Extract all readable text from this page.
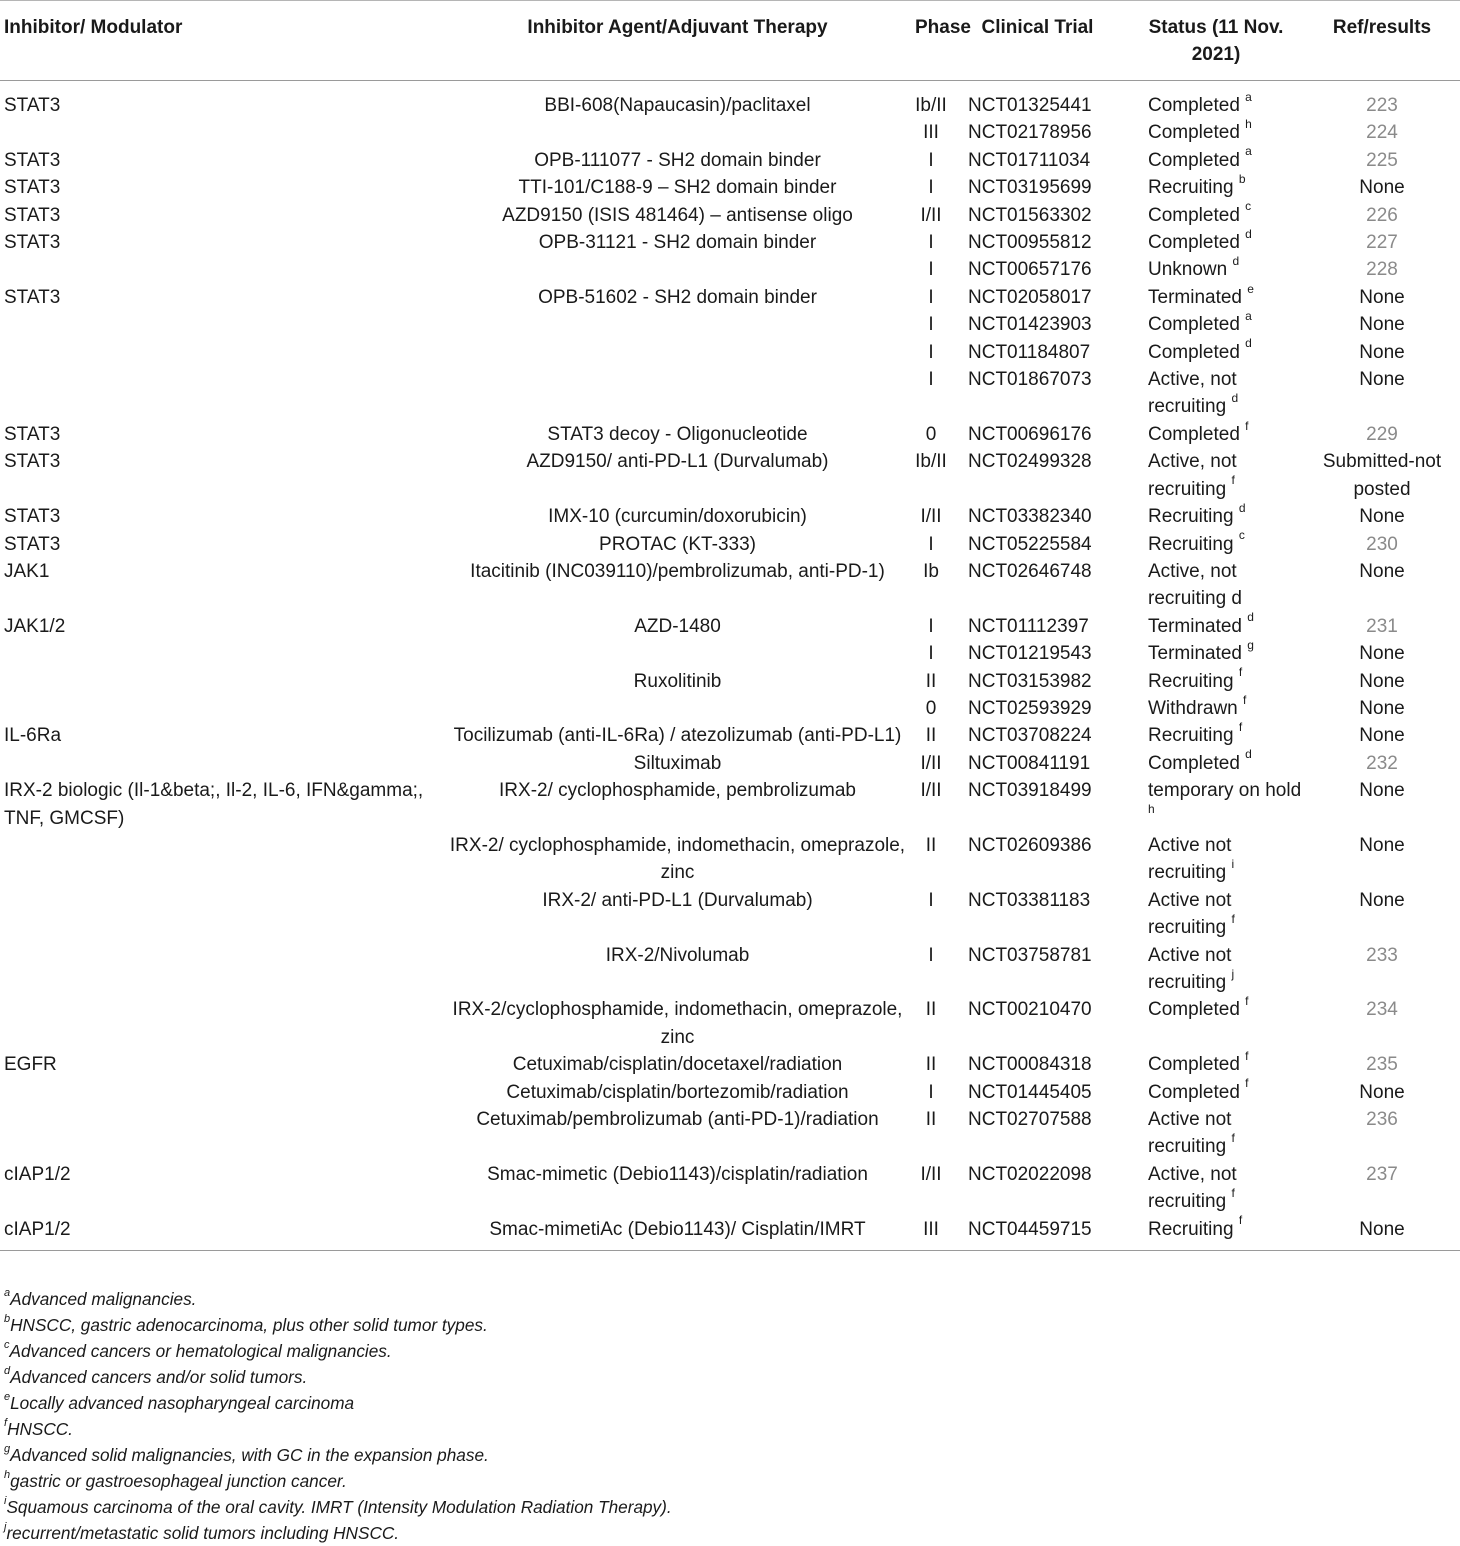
Inhibitor/ Modulator	Inhibitor Agent/Adjuvant Therapy	Phase	Clinical Trial	Status (11 Nov. 2021)	Ref/results
STAT3	BBI-608(Napaucasin)/paclitaxel	Ib/II	NCT01325441	Completed $^a$	223
		III	NCT02178956	Completed $^h$	224
STAT3	OPB-111077 - SH2 domain binder	I	NCT01711034	Completed $^a$	225
STAT3	TTI-101/C188-9 – SH2 domain binder	I	NCT03195699	Recruiting $^b$	None
STAT3	AZD9150 (ISIS 481464) – antisense oligo	I/II	NCT01563302	Completed $^c$	226
STAT3	OPB-31121 - SH2 domain binder	I	NCT00955812	Completed $^d$	227
		I	NCT00657176	Unknown $^d$	228
STAT3	OPB-51602 - SH2 domain binder	I	NCT02058017	Terminated $^e$	None
		I	NCT01423903	Completed $^a$	None
		I	NCT01184807	Completed $^d$	None
		I	NCT01867073	Active, not recruiting $^d$	None
STAT3	STAT3 decoy - Oligonucleotide	0	NCT00696176	Completed $^f$	229
STAT3	AZD9150/ anti-PD-L1 (Durvalumab)	Ib/II	NCT02499328	Active, not recruiting $^f$	Submitted-not posted
STAT3	IMX-10 (curcumin/doxorubicin)	I/II	NCT03382340	Recruiting $^d$	None
STAT3	PROTAC (KT-333)	I	NCT05225584	Recruiting $^c$	230
JAK1	Itacitinib (INC039110)/pembrolizumab, anti-PD-1)	Ib	NCT02646748	Active, not recruiting d	None
JAK1/2	AZD-1480	I	NCT01112397	Terminated $^d$	231
		I	NCT01219543	Terminated $^g$	None
	Ruxolitinib	II	NCT03153982	Recruiting $^f$	None
		0	NCT02593929	Withdrawn $^f$	None
IL-6Ra	Tocilizumab (anti-IL-6Ra) / atezolizumab (anti-PD-L1)	II	NCT03708224	Recruiting $^f$	None
	Siltuximab	I/II	NCT00841191	Completed $^d$	232
IRX-2 biologic (Il-1&beta;, Il-2, IL-6, IFN&gamma;, TNF, GMCSF)	IRX-2/ cyclophosphamide, pembrolizumab	I/II	NCT03918499	temporary on hold $^h$	None
	IRX-2/ cyclophosphamide, indomethacin, omeprazole, zinc	II	NCT02609386	Active not recruiting $^i$	None
	IRX-2/ anti-PD-L1 (Durvalumab)	I	NCT03381183	Active not recruiting $^f$	None
	IRX-2/Nivolumab	I	NCT03758781	Active not recruiting $^j$	233
	IRX-2/cyclophosphamide, indomethacin, omeprazole, zinc	II	NCT00210470	Completed $^f$	234
EGFR	Cetuximab/cisplatin/docetaxel/radiation	II	NCT00084318	Completed $^f$	235
	Cetuximab/cisplatin/bortezomib/radiation	I	NCT01445405	Completed $^f$	None
	Cetuximab/pembrolizumab (anti-PD-1)/radiation	II	NCT02707588	Active not recruiting $^f$	236
cIAP1/2	Smac-mimetic (Debio1143)/cisplatin/radiation	I/II	NCT02022098	Active, not recruiting $^f$	237
cIAP1/2	Smac-mimetiAc (Debio1143)/ Cisplatin/IMRT	III	NCT04459715	Recruiting $^f$	None
$^a$Advanced malignancies.
$^b$HNSCC, gastric adenocarcinoma, plus other solid tumor types.
$^c$Advanced cancers or hematological malignancies.
$^d$Advanced cancers and/or solid tumors.
$^e$Locally advanced nasopharyngeal carcinoma
$^f$HNSCC.
$^g$Advanced solid malignancies, with GC in the expansion phase.
$^h$gastric or gastroesophageal junction cancer.
$^i$Squamous carcinoma of the oral cavity. IMRT (Intensity Modulation Radiation Therapy).
$^j$recurrent/metastatic solid tumors including HNSCC.
